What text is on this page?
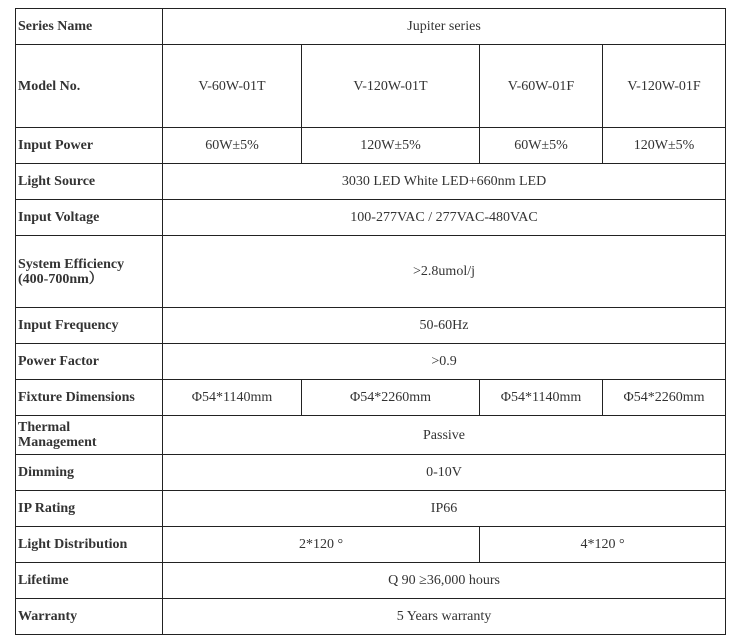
Series Name	Jupiter series			
Model No.	V-60W-01T	V-120W-01T	V-60W-01F	V-120W-01F
Input Power	60W±5%	120W±5%	60W±5%	120W±5%
Light Source	3030 LED White LED+660nm LED			
Input Voltage	100-277VAC / 277VAC-480VAC			

System Efficiency
(400-700nm）	>2.8umol/j			
Input Frequency	50-60Hz			
Power Factor	>0.9			
Fixture Dimensions	Φ54*1140mm	Φ54*2260mm	Φ54*1140mm	Φ54*2260mm

Thermal
Management	Passive			
Dimming	0-10V			
IP Rating	IP66			
Light Distribution	2*120 °		4*120 °	
Lifetime	Q 90 ≥36,000 hours			
Warranty	5 Years warranty			
